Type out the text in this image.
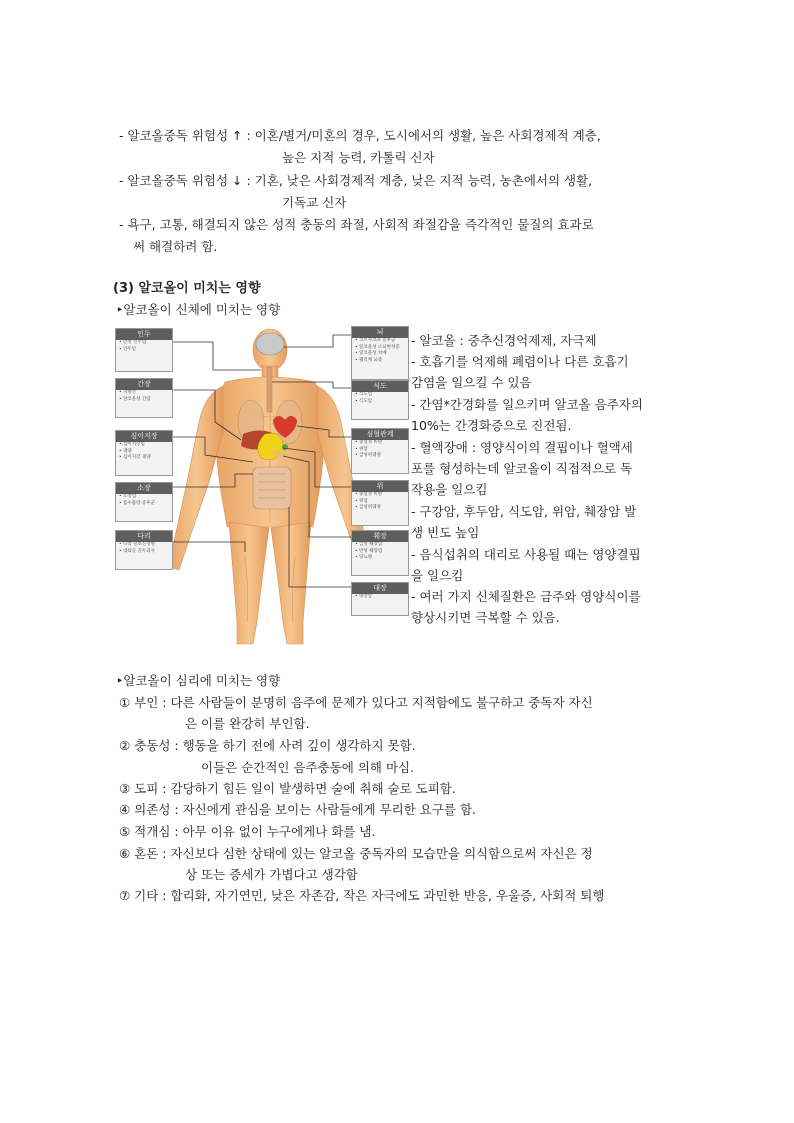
- 알코올중독 위험성 ↑ : 이혼/별거/미혼의 경우, 도시에서의 생활, 높은 사회경제적 계층,
높은 지적 능력, 카톨릭 신자
- 알코올중독 위험성 ↓ : 기혼, 낮은 사회경제적 계층, 낮은 지적 능력, 농촌에서의 생활,
기독교 신자
- 욕구, 고통, 해결되지 않은 성적 충동의 좌절, 사회적 좌절감을 즉각적인 물질의 효과로
써 해결하려 함.
(3) 알코올이 미치는 영향
‣알코올이 신체에 미치는 영향
인두
• 만성 인두염
• 인두암
간장
• 지방간
• 알코올성 간염
심이지장
• 십이지장염
• 궤양
• 십이지장 궤양
소장
• 소장염
• 흡수불량 증후군
다리
• 다리 말초신경병
• 대퇴골 골두괴사
뇌
• 코르사코프 증후군
• 알코올성 소뇌변성증
• 알코올성 치매
• 웰리케 뇌증
식도
• 식도염
• 식도암
심혈관계
• 충혈성 비판
• 위염
• 급성위궤양
위
• 충혈성 비판
• 위염
• 급성위궤양
췌장
• 급성 췌장염
• 만성 췌장염
• 당뇨병
대장
• 대장암
- 알코올 : 중추신경억제제, 자극제
- 호흡기를 억제해 폐렴이나 다른 호흡기
감염을 일으킬 수 있음
- 간염*간경화를 일으키며 알코올 음주자의
10%는 간경화증으로 진전됨.
- 혈액장애 : 영양식이의 결핍이나 혈액세
포를 형성하는데 알코올이 직접적으로 독
작용을 일으킴
- 구강암, 후두암, 식도암, 위암, 췌장암 발
생 빈도 높임
- 음식섭취의 대리로 사용될 때는 영양결핍
을 일으킴
- 여러 가지 신체질환은 금주와 영양식이를
향상시키면 극복할 수 있음.
‣알코올이 심리에 미치는 영향
① 부인 : 다른 사람들이 분명히 음주에 문제가 있다고 지적함에도 불구하고 중독자 자신
은 이를 완강히 부인함.
② 충동성 : 행동을 하기 전에 사려 깊이 생각하지 못함.
이들은 순간적인 음주충동에 의해 마심.
③ 도피 : 감당하기 힘든 일이 발생하면 술에 취해 술로 도피함.
④ 의존성 : 자신에게 관심을 보이는 사람들에게 무리한 요구를 함.
⑤ 적개심 : 아무 이유 없이 누구에게나 화를 냄.
⑥ 혼돈 : 자신보다 심한 상태에 있는 알코올 중독자의 모습만을 의식함으로써 자신은 정
상 또는 증세가 가볍다고 생각함
⑦ 기타 : 합리화, 자기연민, 낮은 자존감, 작은 자극에도 과민한 반응, 우울증, 사회적 퇴행
